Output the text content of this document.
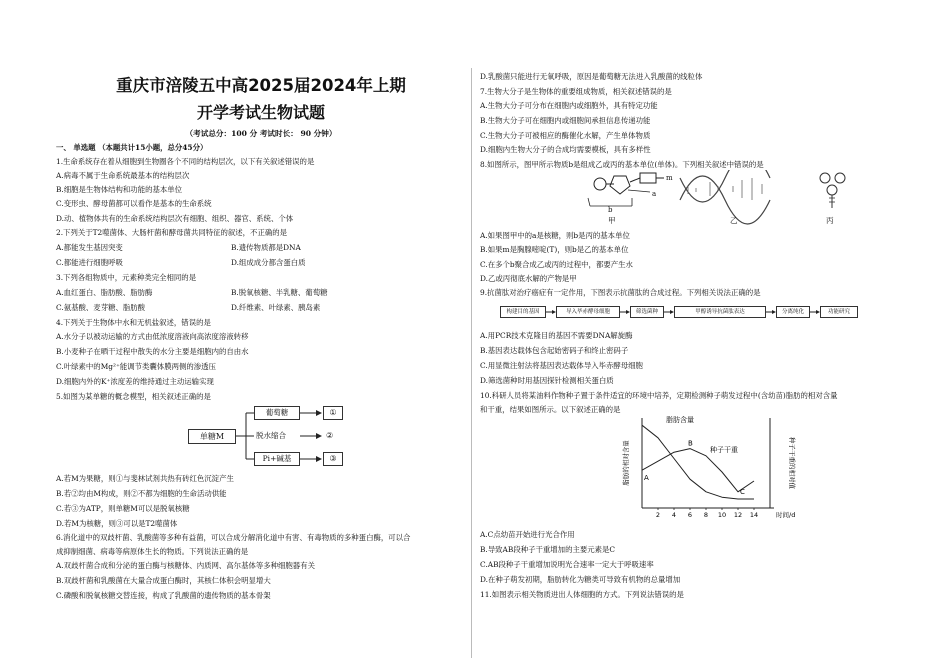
重庆市涪陵五中高2025届2024年上期
开学考试生物试题
（考试总分：100 分 考试时长： 90 分钟）
一、 单选题 （本题共计15小题，总分45分）
1.生命系统存在着从细胞到生物圈各个不同的结构层次，以下有关叙述错误的是
A.病毒不属于生命系统最基本的结构层次
B.细胞是生物体结构和功能的基本单位
C.变形虫、酵母菌都可以看作是基本的生命系统
D.动、植物体共有的生命系统结构层次有细胞、组织、器官、系统、个体
2.下列关于T2噬菌体、大肠杆菌和酵母菌共同特征的叙述，不正确的是
A.都能发生基因突变	B.遗传物质都是DNA
C.都能进行细胞呼吸	D.组成成分都含蛋白质
3.下列各组物质中，元素种类完全相同的是
A.血红蛋白、脂肪酸、脂肪酶	B.脱氧核糖、半乳糖、葡萄糖
C.氨基酸、麦芽糖、脂肪酸	D.纤维素、叶绿素、胰岛素
4.下列关于生物体中水和无机盐叙述，错误的是
A.水分子以被动运输的方式由低浓度溶液向高浓度溶液转移
B.小麦种子在晒干过程中散失的水分主要是细胞内的自由水
C.叶绿素中的Mg²⁺能调节类囊体膜两侧的渗透压
D.细胞内外的K⁺浓度差的维持通过主动运输实现
5.如图为某单糖的概念模型，相关叙述正确的是
单糖M
葡萄糖
脱水缩合
Pi+碱基
①
②
③
A.若M为果糖，则①与斐林试剂共热有砖红色沉淀产生
B.若②均由M构成，则②不都为细胞的生命活动供能
C.若③为ATP，则单糖M可以是脱氧核糖
D.若M为核糖，则③可以是T2噬菌体
6.消化道中的双歧杆菌、乳酸菌等多种有益菌，可以合成分解消化道中有害、有毒物质的多种蛋白酶，可以合
成抑制细菌、病毒等病原体生长的物质。下列说法正确的是
A.双歧杆菌合成和分泌的蛋白酶与核糖体、内质网、高尔基体等多种细胞器有关
B.双歧杆菌和乳酸菌在大量合成蛋白酶时，其核仁体积会明显增大
C.磷酸和脱氧核糖交替连接，构成了乳酸菌的遗传物质的基本骨架
D.乳酸菌只能进行无氧呼吸，原因是葡萄糖无法进入乳酸菌的线粒体
7.生物大分子是生物体的重要组成物质，相关叙述错误的是
A.生物大分子可分布在细胞内或细胞外，具有特定功能
B.生物大分子可在细胞内或细胞间承担信息传递功能
C.生物大分子可被相应的酶催化水解，产生单体物质
D.细胞内生物大分子的合成均需要模板，具有多样性
8.如图所示，图甲所示物质b是组成乙或丙的基本单位(单体)。下列相关叙述中错误的是
m
a
b
甲	乙	丙
A.如果图甲中的a是核糖，则b是丙的基本单位
B.如果m是胸腺嘧啶(T)，则b是乙的基本单位
C.在多个b聚合成乙或丙的过程中，都要产生水
D.乙或丙彻底水解的产物是甲
9.抗菌肽对治疗癌症有一定作用，下图表示抗菌肽的合成过程。下列相关说法正确的是
构建目的基因	导入毕赤酵母细胞	筛选菌种	甲醇诱导抗菌肽表达	分离纯化	功能研究
A.用PCR技术克隆目的基因不需要DNA解旋酶
B.基因表达载体包含起始密码子和终止密码子
C.用显微注射法将基因表达载体导入毕赤酵母细胞
D.筛选菌种时用基因探针检测相关蛋白质
10.科研人员将某油料作物种子置于条件适宜的环境中培养，定期检测种子萌发过程中(含幼苗)脂肪的相对含量
和干重，结果如图所示。以下叙述正确的是
脂肪的相对含量	种子干重的相对值
2 4 6 8 10 12 14	时间/d
脂肪含量
种子干重
A
B
C
A.C点幼苗开始进行光合作用
B.导致AB段种子干重增加的主要元素是C
C.AB段种子干重增加说明光合速率一定大于呼吸速率
D.在种子萌发初期，脂肪转化为糖类可导致有机物的总量增加
11.如图表示相关物质进出人体细胞的方式。下列说法错误的是
